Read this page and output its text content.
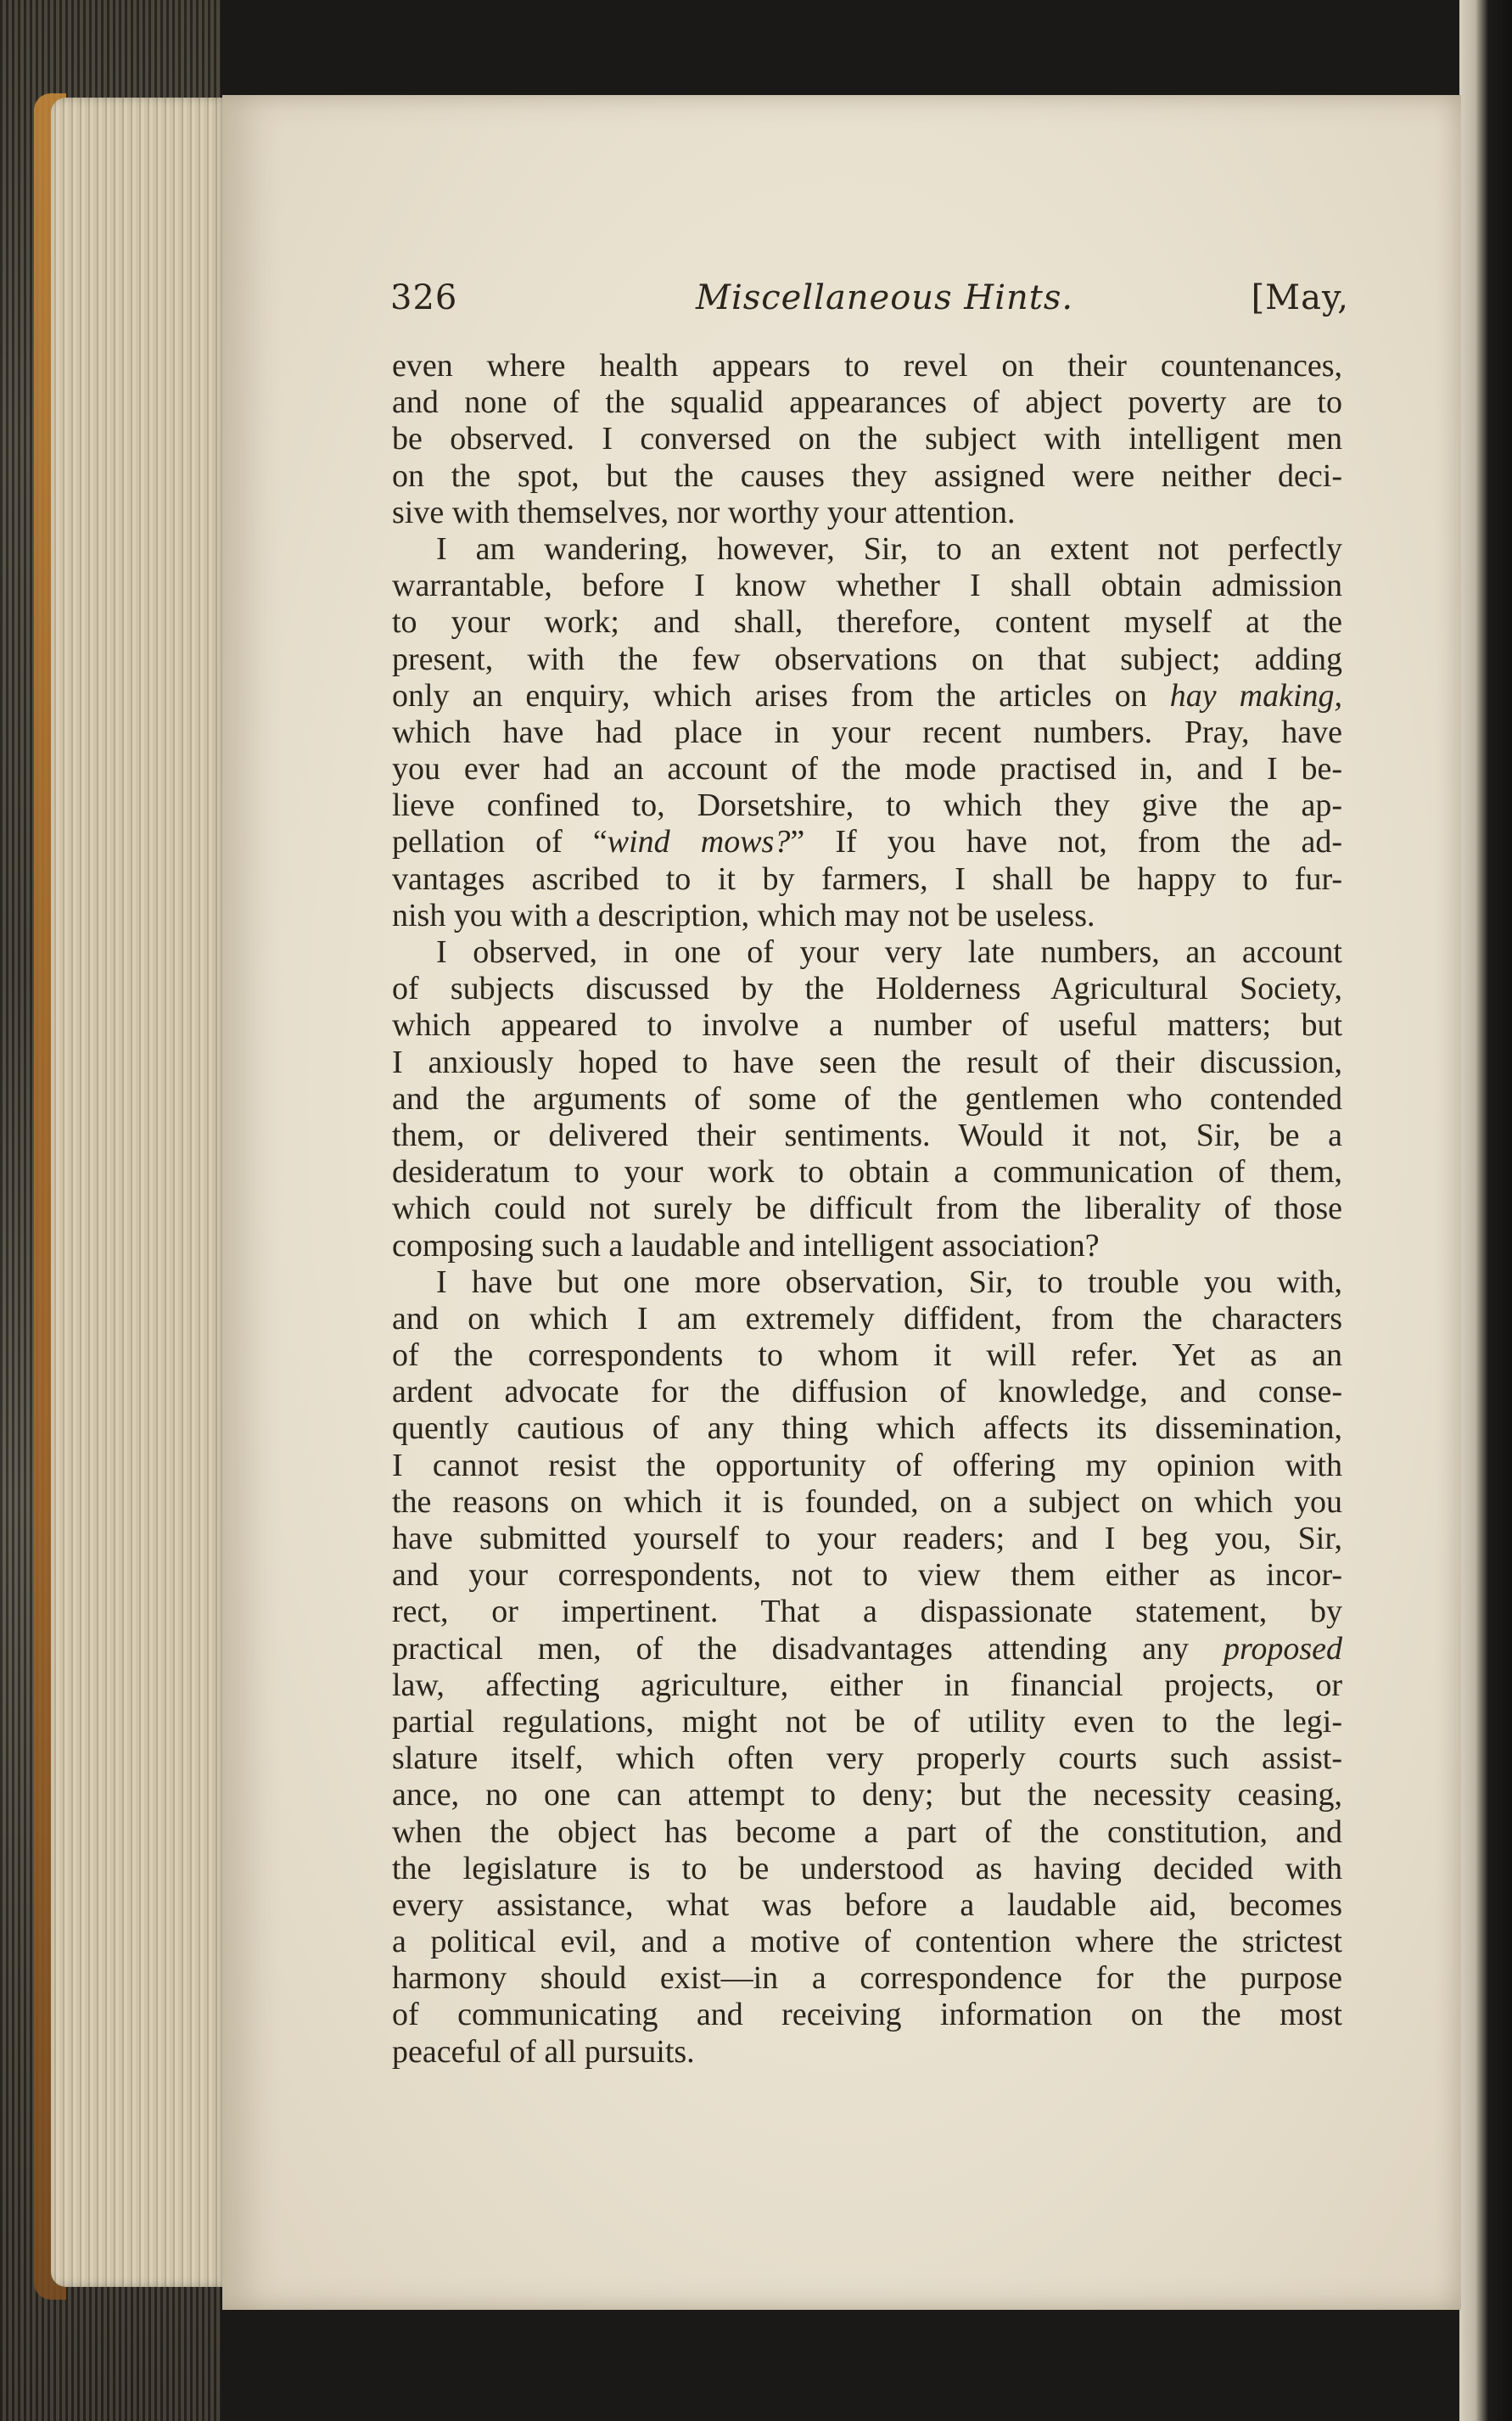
326	Miscellaneous Hints.	[May,
even where health appears to revel on their countenances,
and none of the squalid appearances of abject poverty are to
be observed. I conversed on the subject with intelligent men
on the spot, but the causes they assigned were neither deci-
sive with themselves, nor worthy your attention.
I am wandering, however, Sir, to an extent not perfectly
warrantable, before I know whether I shall obtain admission
to your work; and shall, therefore, content myself at the
present, with the few observations on that subject; adding
only an enquiry, which arises from the articles on hay making,
which have had place in your recent numbers. Pray, have
you ever had an account of the mode practised in, and I be-
lieve confined to, Dorsetshire, to which they give the ap-
pellation of “wind mows?” If you have not, from the ad-
vantages ascribed to it by farmers, I shall be happy to fur-
nish you with a description, which may not be useless.
I observed, in one of your very late numbers, an account
of subjects discussed by the Holderness Agricultural Society,
which appeared to involve a number of useful matters; but
I anxiously hoped to have seen the result of their discussion,
and the arguments of some of the gentlemen who contended
them, or delivered their sentiments. Would it not, Sir, be a
desideratum to your work to obtain a communication of them,
which could not surely be difficult from the liberality of those
composing such a laudable and intelligent association?
I have but one more observation, Sir, to trouble you with,
and on which I am extremely diffident, from the characters
of the correspondents to whom it will refer. Yet as an
ardent advocate for the diffusion of knowledge, and conse-
quently cautious of any thing which affects its dissemination,
I cannot resist the opportunity of offering my opinion with
the reasons on which it is founded, on a subject on which you
have submitted yourself to your readers; and I beg you, Sir,
and your correspondents, not to view them either as incor-
rect, or impertinent. That a dispassionate statement, by
practical men, of the disadvantages attending any proposed
law, affecting agriculture, either in financial projects, or
partial regulations, might not be of utility even to the legi-
slature itself, which often very properly courts such assist-
ance, no one can attempt to deny; but the necessity ceasing,
when the object has become a part of the constitution, and
the legislature is to be understood as having decided with
every assistance, what was before a laudable aid, becomes
a political evil, and a motive of contention where the strictest
harmony should exist—in a correspondence for the purpose
of communicating and receiving information on the most
peaceful of all pursuits.
